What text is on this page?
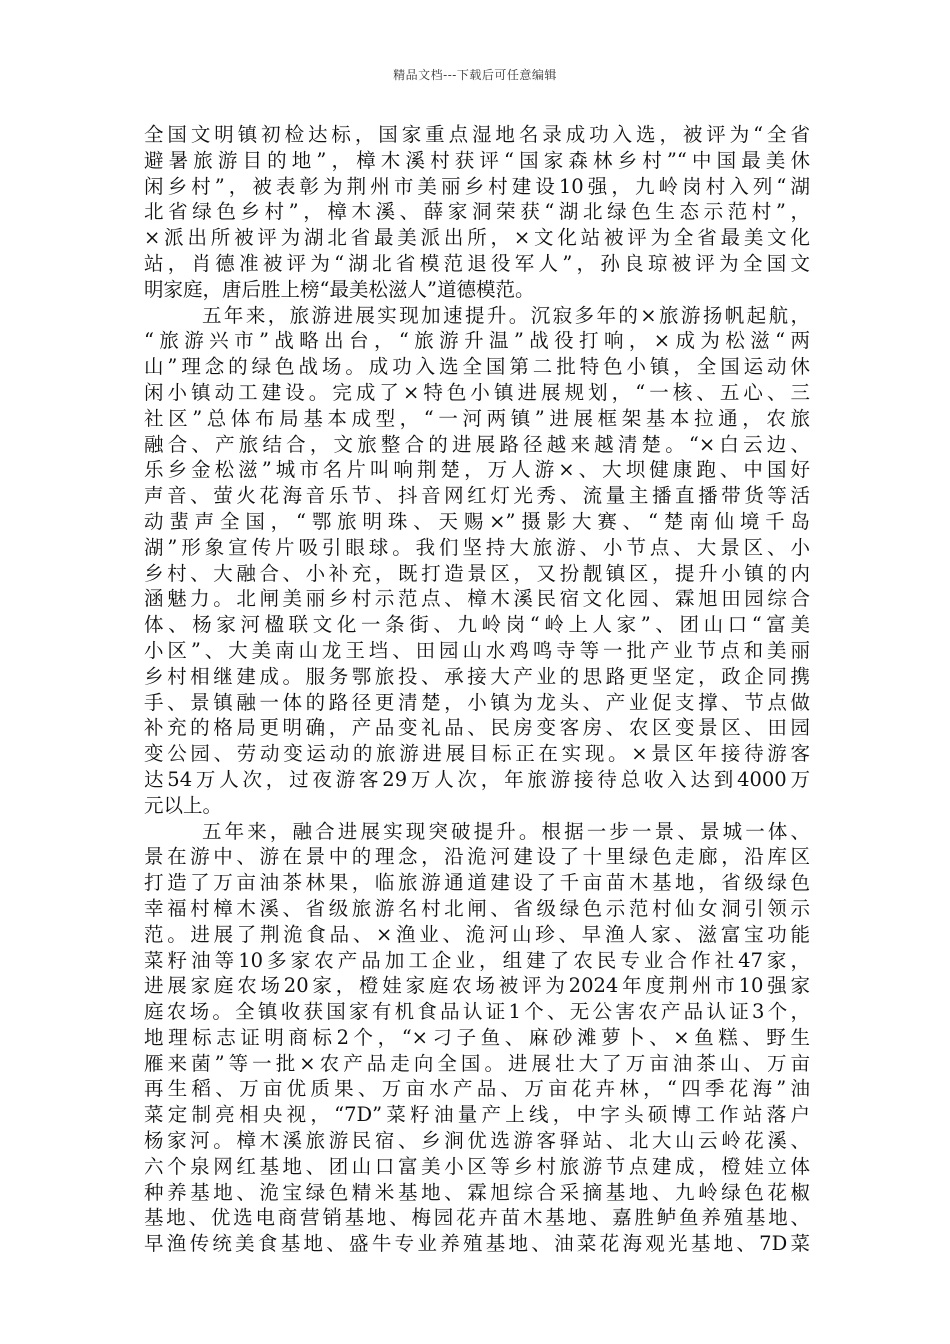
精品文档---下载后可任意编辑
全国文明镇初检达标，国家重点湿地名录成功入选，被评为“全省
避暑旅游目的地”，樟木溪村获评“国家森林乡村”“中国最美休
闲乡村”，被表彰为荆州市美丽乡村建设10强，九岭岗村入列“湖
北省绿色乡村”，樟木溪、薛家洞荣获“湖北绿色生态示范村”，
×派出所被评为湖北省最美派出所，×文化站被评为全省最美文化
站，肖德准被评为“湖北省模范退役军人”，孙良琼被评为全国文
明家庭，唐后胜上榜“最美松滋人”道德模范。
五年来，旅游进展实现加速提升。沉寂多年的×旅游扬帆起航，
“旅游兴市”战略出台，“旅游升温”战役打响，×成为松滋“两
山”理念的绿色战场。成功入选全国第二批特色小镇，全国运动休
闲小镇动工建设。完成了×特色小镇进展规划，“一核、五心、三
社区”总体布局基本成型，“一河两镇”进展框架基本拉通，农旅
融合、产旅结合，文旅整合的进展路径越来越清楚。“×白云边、
乐乡金松滋”城市名片叫响荆楚，万人游×、大坝健康跑、中国好
声音、萤火花海音乐节、抖音网红灯光秀、流量主播直播带货等活
动蜚声全国，“鄂旅明珠、天赐×”摄影大赛、“楚南仙境千岛
湖”形象宣传片吸引眼球。我们坚持大旅游、小节点、大景区、小
乡村、大融合、小补充，既打造景区，又扮靓镇区，提升小镇的内
涵魅力。北闸美丽乡村示范点、樟木溪民宿文化园、霖旭田园综合
体、杨家河楹联文化一条街、九岭岗“岭上人家”、团山口“富美
小区”、大美南山龙王垱、田园山水鸡鸣寺等一批产业节点和美丽
乡村相继建成。服务鄂旅投、承接大产业的思路更坚定，政企同携
手、景镇融一体的路径更清楚，小镇为龙头、产业促支撑、节点做
补充的格局更明确，产品变礼品、民房变客房、农区变景区、田园
变公园、劳动变运动的旅游进展目标正在实现。×景区年接待游客
达54万人次，过夜游客29万人次，年旅游接待总收入达到4000万
元以上。
五年来，融合进展实现突破提升。根据一步一景、景城一体、
景在游中、游在景中的理念，沿洈河建设了十里绿色走廊，沿库区
打造了万亩油茶林果，临旅游通道建设了千亩苗木基地，省级绿色
幸福村樟木溪、省级旅游名村北闸、省级绿色示范村仙女洞引领示
范。进展了荆洈食品、×渔业、洈河山珍、早渔人家、滋富宝功能
菜籽油等10多家农产品加工企业，组建了农民专业合作社47家，
进展家庭农场20家，橙娃家庭农场被评为2024年度荆州市10强家
庭农场。全镇收获国家有机食品认证1个、无公害农产品认证3个，
地理标志证明商标2个，“×刁子鱼、麻砂滩萝卜、×鱼糕、野生
雁来菌”等一批×农产品走向全国。进展壮大了万亩油茶山、万亩
再生稻、万亩优质果、万亩水产品、万亩花卉林，“四季花海”油
菜定制亮相央视，“7D”菜籽油量产上线，中字头硕博工作站落户
杨家河。樟木溪旅游民宿、乡涧优选游客驿站、北大山云岭花溪、
六个泉网红基地、团山口富美小区等乡村旅游节点建成，橙娃立体
种养基地、洈宝绿色精米基地、霖旭综合采摘基地、九岭绿色花椒
基地、优选电商营销基地、梅园花卉苗木基地、嘉胜鲈鱼养殖基地、
早渔传统美食基地、盛牛专业养殖基地、油菜花海观光基地、7D菜
